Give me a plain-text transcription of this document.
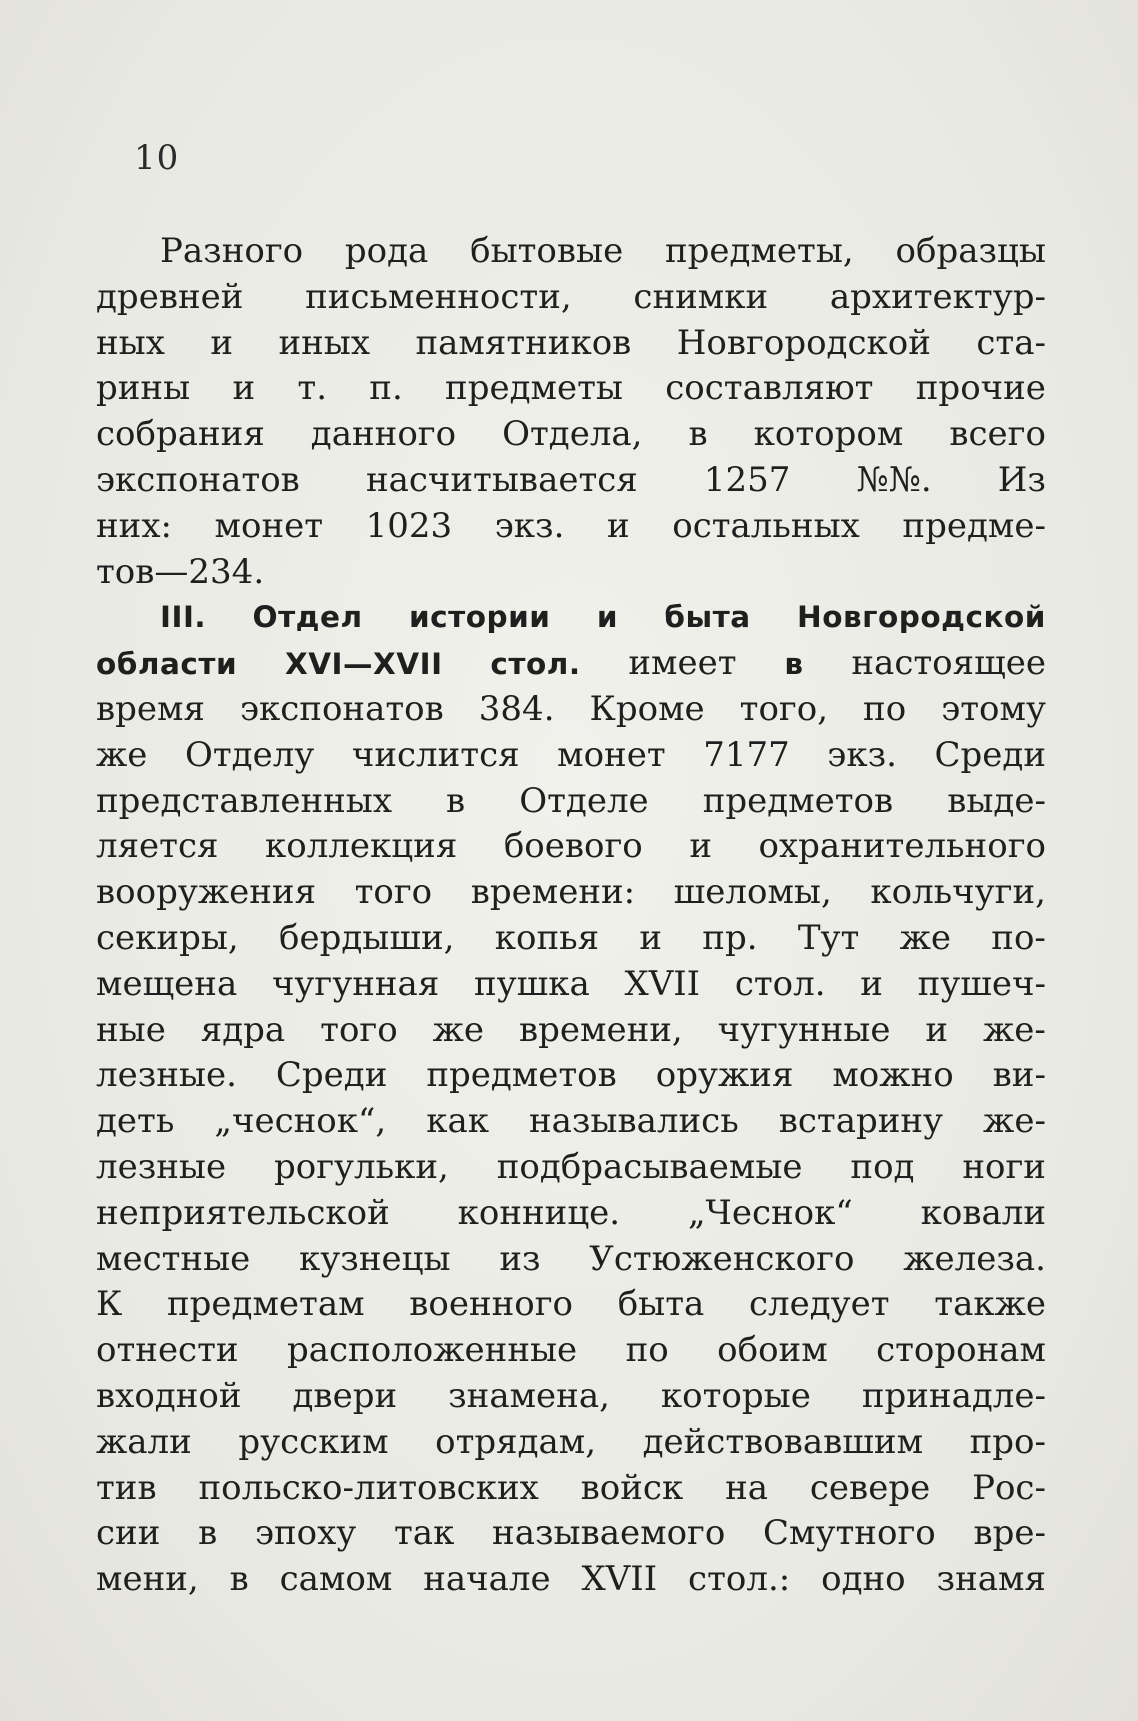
10
Разного рода бытовые предметы, образцы
древней письменности, снимки архитектур-
ных и иных памятников Новгородской ста-
рины и т. п. предметы составляют прочие
собрания данного Отдела, в котором всего
экспонатов насчитывается 1257 №№. Из
них: монет 1023 экз. и остальных предме-
тов—234.
III. Отдел истории и быта Новгородской
области XVI—XVII стол. имеет в настоящее
время экспонатов 384. Кроме того, по этому
же Отделу числится монет 7177 экз. Среди
представленных в Отделе предметов выде-
ляется коллекция боевого и охранительного
вооружения того времени: шеломы, кольчуги,
секиры, бердыши, копья и пр. Тут же по-
мещена чугунная пушка XVII стол. и пушеч-
ные ядра того же времени, чугунные и же-
лезные. Среди предметов оружия можно ви-
деть „чеснок“, как назывались встарину же-
лезные рогульки, подбрасываемые под ноги
неприятельской коннице. „Чеснок“ ковали
местные кузнецы из Устюженского железа.
К предметам военного быта следует также
отнести расположенные по обоим сторонам
входной двери знамена, которые принадле-
жали русским отрядам, действовавшим про-
тив польско-литовских войск на севере Рос-
сии в эпоху так называемого Смутного вре-
мени, в самом начале XVII стол.: одно знамя
